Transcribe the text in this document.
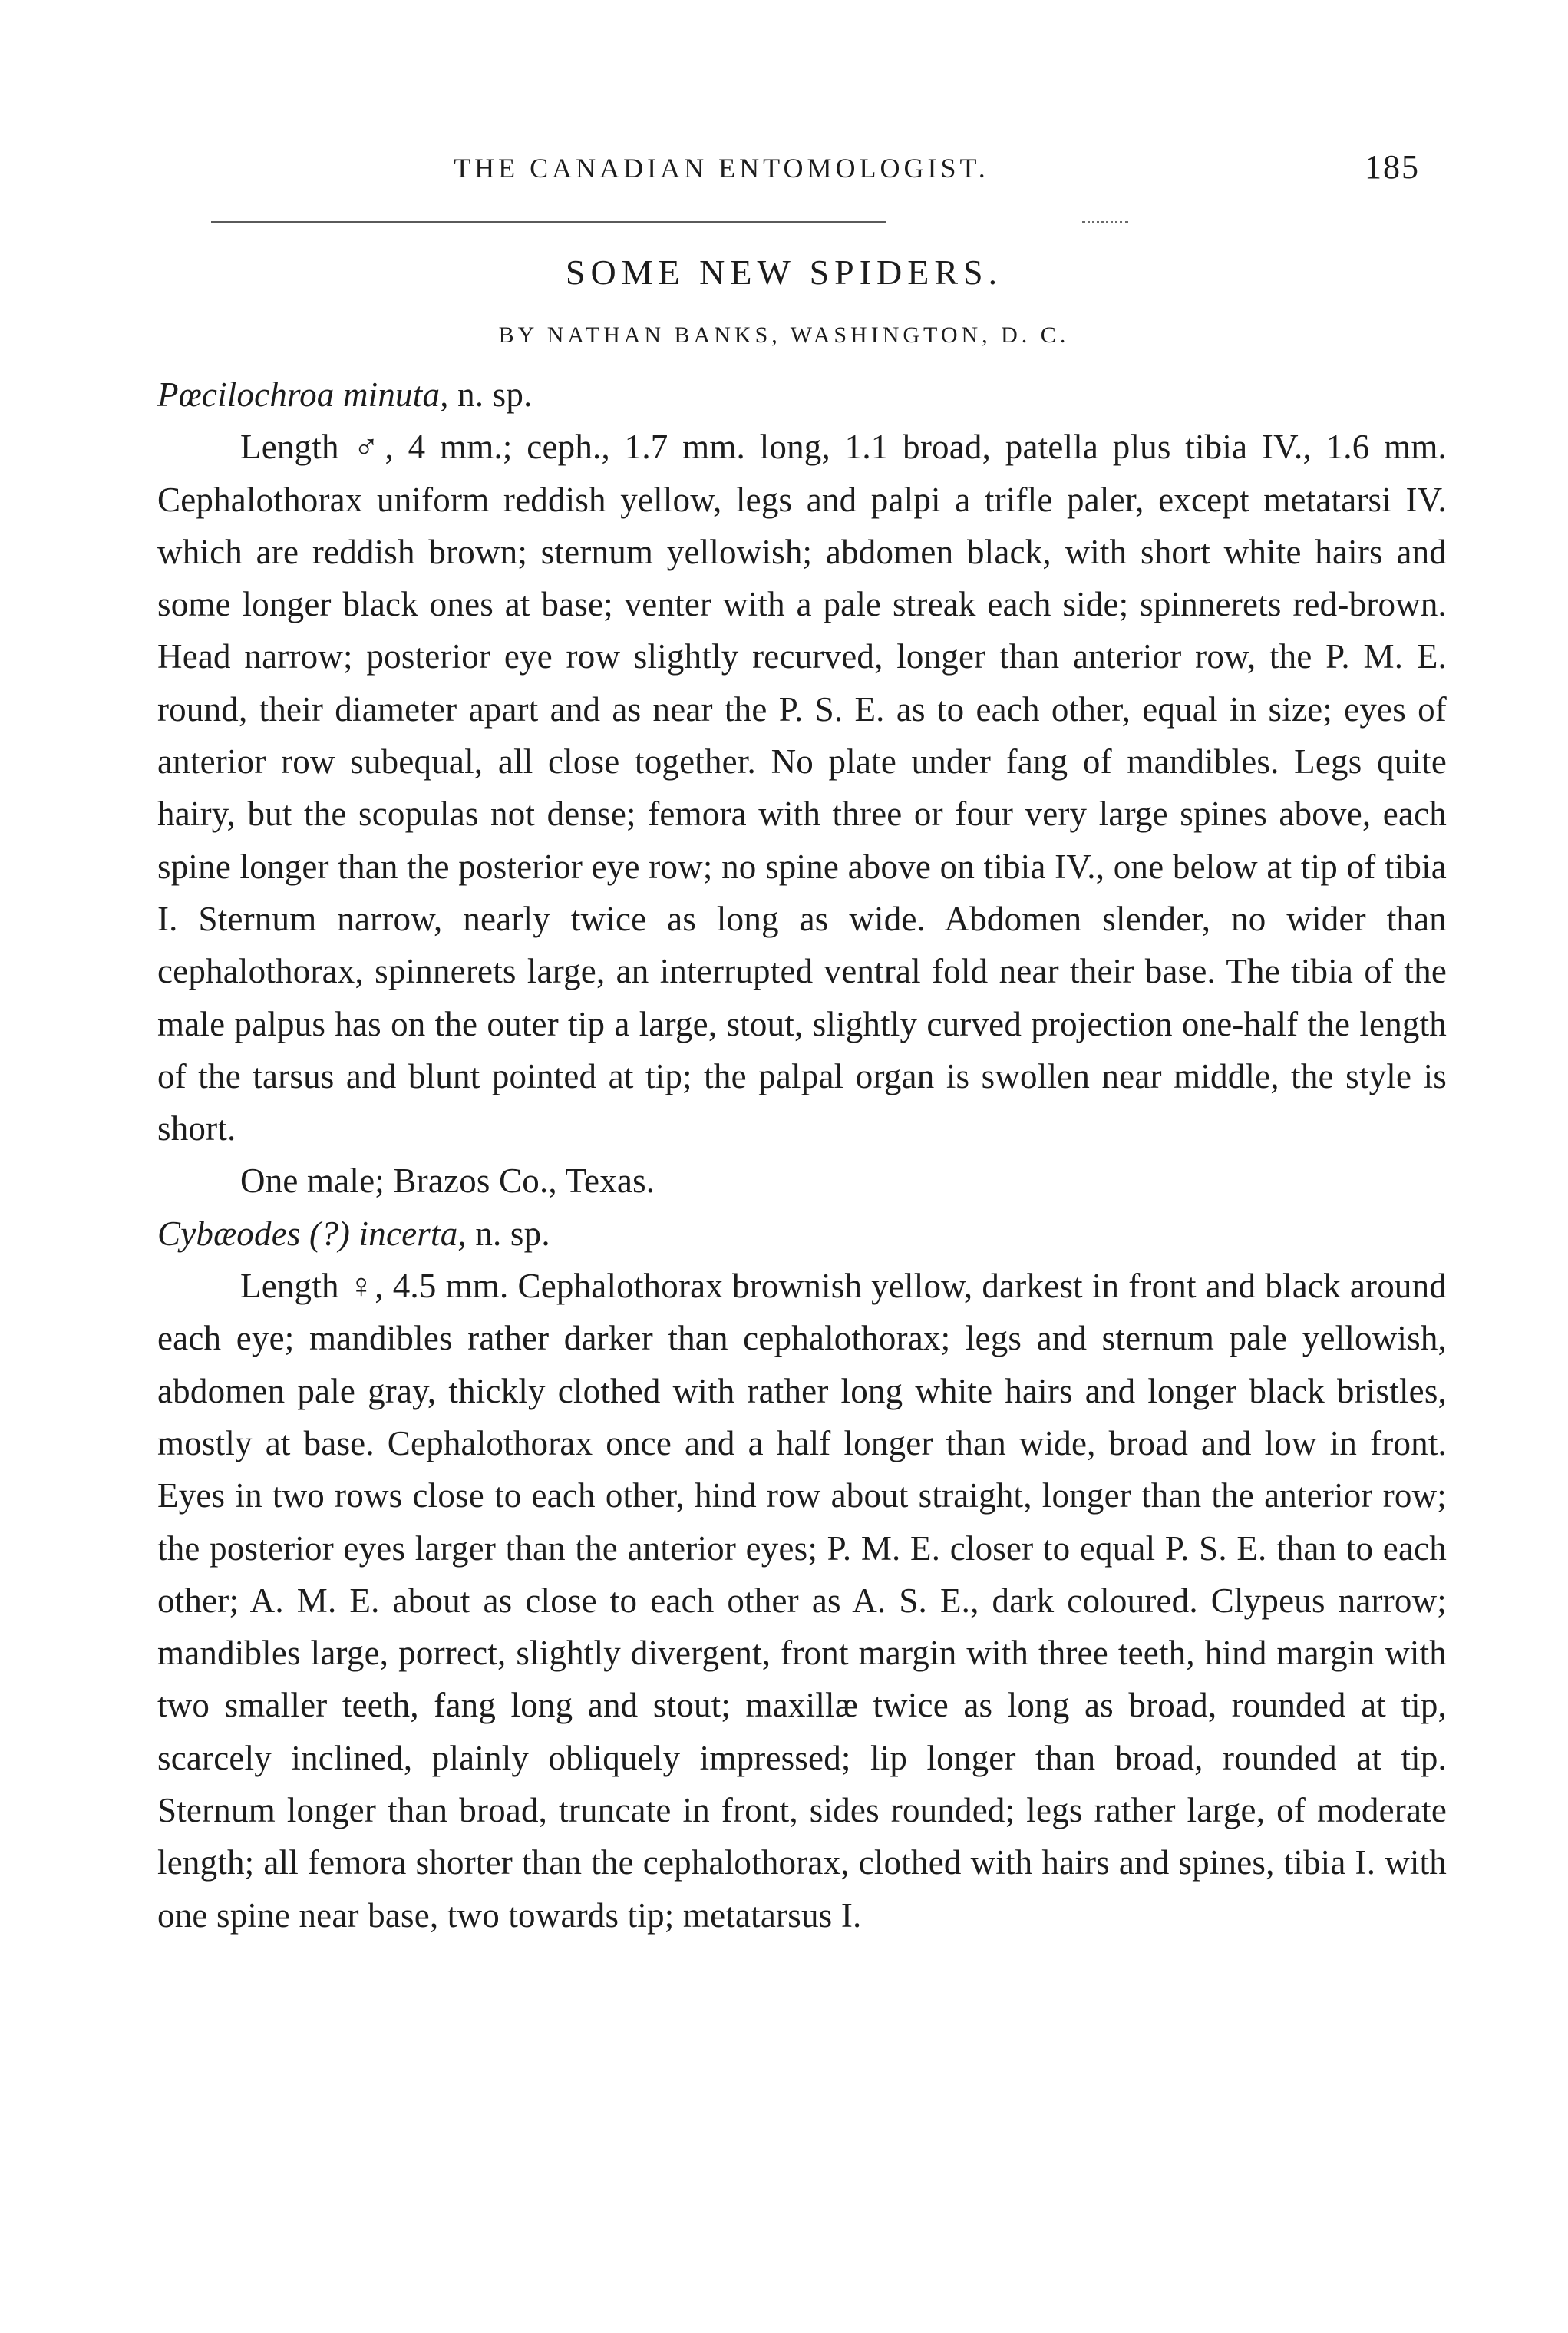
THE CANADIAN ENTOMOLOGIST.	185
SOME NEW SPIDERS.
BY NATHAN BANKS, WASHINGTON, D. C.

Pœcilochroa minuta, n. sp.

Length ♂, 4 mm.; ceph., 1.7 mm. long, 1.1 broad, patella plus tibia IV., 1.6 mm. Cephalothorax uniform reddish yellow, legs and palpi a trifle paler, except metatarsi IV. which are reddish brown; sternum yellowish; abdomen black, with short white hairs and some longer black ones at base; venter with a pale streak each side; spinnerets red-brown. Head narrow; posterior eye row slightly recurved, longer than anterior row, the P. M. E. round, their diameter apart and as near the P. S. E. as to each other, equal in size; eyes of anterior row subequal, all close together. No plate under fang of mandibles. Legs quite hairy, but the scopulas not dense; femora with three or four very large spines above, each spine longer than the posterior eye row; no spine above on tibia IV., one below at tip of tibia I. Sternum narrow, nearly twice as long as wide. Abdomen slender, no wider than cephalothorax, spinnerets large, an interrupted ventral fold near their base. The tibia of the male palpus has on the outer tip a large, stout, slightly curved projection one-half the length of the tarsus and blunt pointed at tip; the palpal organ is swollen near middle, the style is short.

One male; Brazos Co., Texas.

Cybæodes (?) incerta, n. sp.

Length ♀, 4.5 mm. Cephalothorax brownish yellow, darkest in front and black around each eye; mandibles rather darker than cephalothorax; legs and sternum pale yellowish, abdomen pale gray, thickly clothed with rather long white hairs and longer black bristles, mostly at base. Cephalothorax once and a half longer than wide, broad and low in front. Eyes in two rows close to each other, hind row about straight, longer than the anterior row; the posterior eyes larger than the anterior eyes; P. M. E. closer to equal P. S. E. than to each other; A. M. E. about as close to each other as A. S. E., dark coloured. Clypeus narrow; mandibles large, porrect, slightly divergent, front margin with three teeth, hind margin with two smaller teeth, fang long and stout; maxillæ twice as long as broad, rounded at tip, scarcely inclined, plainly obliquely impressed; lip longer than broad, rounded at tip. Sternum longer than broad, truncate in front, sides rounded; legs rather large, of moderate length; all femora shorter than the cephalothorax, clothed with hairs and spines, tibia I. with one spine near base, two towards tip; metatarsus I.
